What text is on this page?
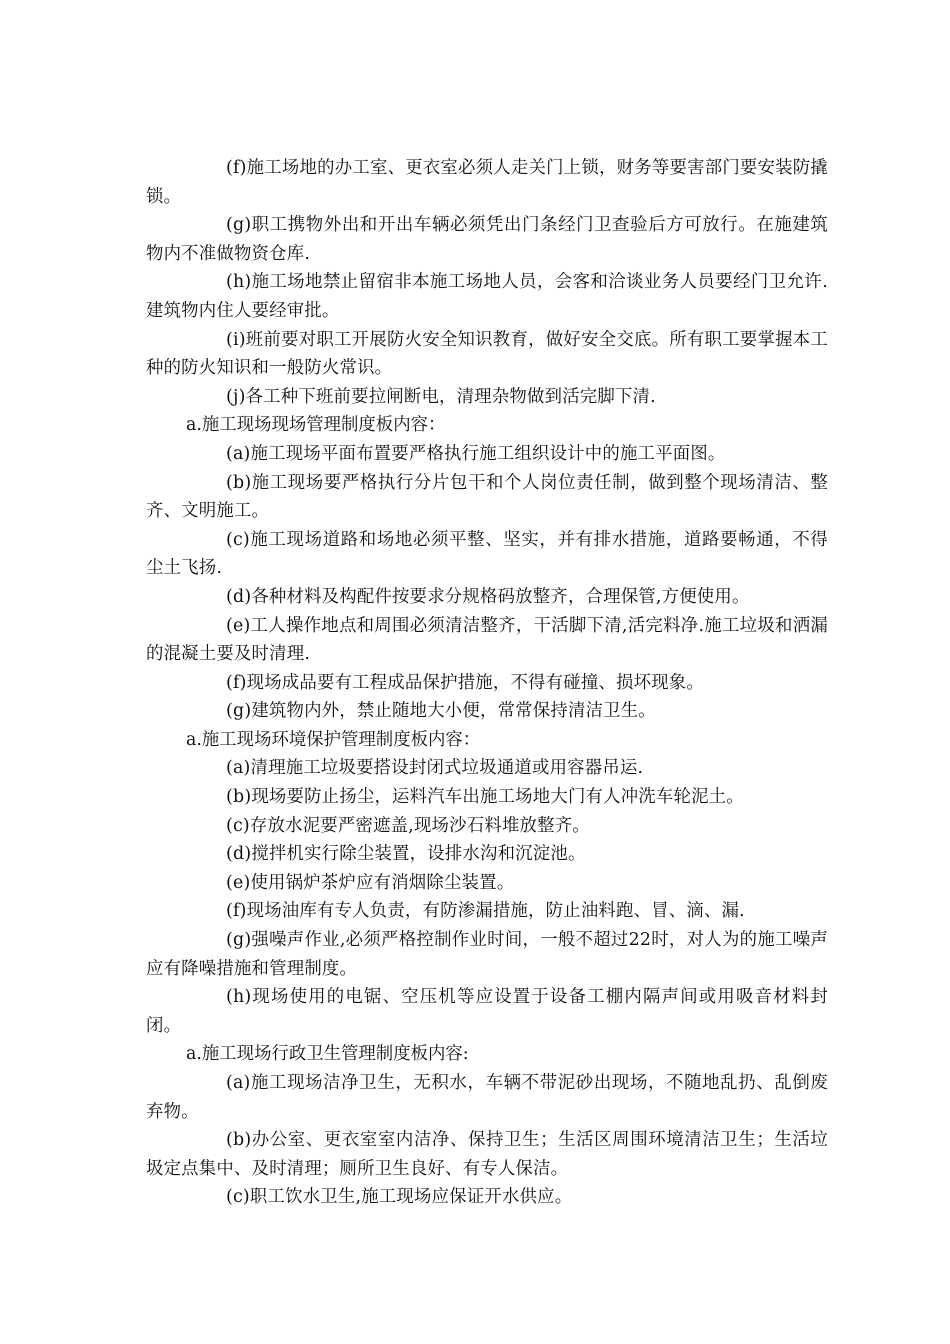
(f)施工场地的办工室、更衣室必须人走关门上锁，财务等要害部门要安装防撬锁。

(g)职工携物外出和开出车辆必须凭出门条经门卫查验后方可放行。在施建筑物内不准做物资仓库.

(h)施工场地禁止留宿非本施工场地人员，会客和洽谈业务人员要经门卫允许.建筑物内住人要经审批。

(i)班前要对职工开展防火安全知识教育，做好安全交底。所有职工要掌握本工种的防火知识和一般防火常识。

(j)各工种下班前要拉闸断电，清理杂物做到活完脚下清.

a.施工现场现场管理制度板内容：

(a)施工现场平面布置要严格执行施工组织设计中的施工平面图。

(b)施工现场要严格执行分片包干和个人岗位责任制，做到整个现场清洁、整齐、文明施工。

(c)施工现场道路和场地必须平整、坚实，并有排水措施，道路要畅通，不得尘土飞扬.

(d)各种材料及构配件按要求分规格码放整齐，合理保管,方便使用。

(e)工人操作地点和周围必须清洁整齐，干活脚下清,活完料净.施工垃圾和洒漏的混凝土要及时清理.

(f)现场成品要有工程成品保护措施，不得有碰撞、损坏现象。

(g)建筑物内外，禁止随地大小便，常常保持清洁卫生。

a.施工现场环境保护管理制度板内容：

(a)清理施工垃圾要搭设封闭式垃圾通道或用容器吊运.

(b)现场要防止扬尘，运料汽车出施工场地大门有人冲洗车轮泥土。

(c)存放水泥要严密遮盖,现场沙石料堆放整齐。

(d)搅拌机实行除尘装置，设排水沟和沉淀池。

(e)使用锅炉茶炉应有消烟除尘装置。

(f)现场油库有专人负责，有防渗漏措施，防止油料跑、冒、滴、漏.

(g)强噪声作业,必须严格控制作业时间，一般不超过22时，对人为的施工噪声应有降噪措施和管理制度。

(h)现场使用的电锯、空压机等应设置于设备工棚内隔声间或用吸音材料封闭。

a.施工现场行政卫生管理制度板内容:

(a)施工现场洁净卫生，无积水，车辆不带泥砂出现场，不随地乱扔、乱倒废弃物。

(b)办公室、更衣室室内洁净、保持卫生；生活区周围环境清洁卫生；生活垃圾定点集中、及时清理；厕所卫生良好、有专人保洁。

(c)职工饮水卫生,施工现场应保证开水供应。
